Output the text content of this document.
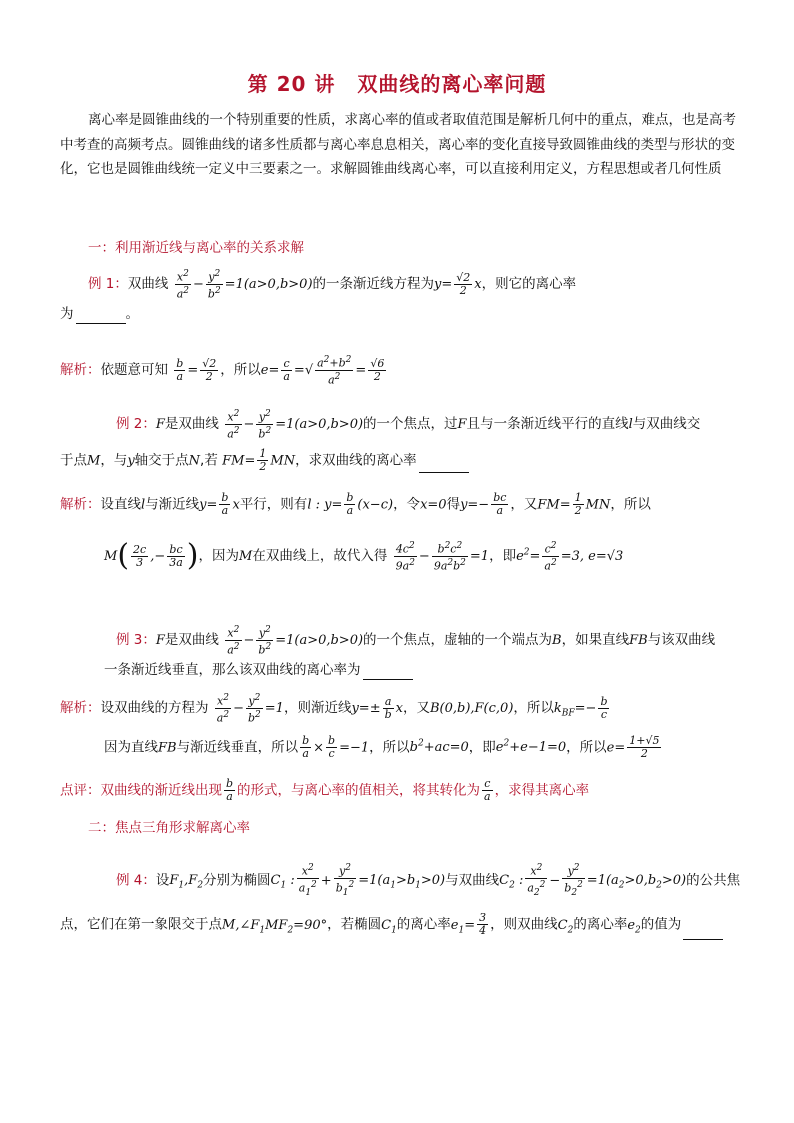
第 20 讲 双曲线的离心率问题
离心率是圆锥曲线的一个特别重要的性质，求离心率的值或者取值范围是解析几何中的重点，难点，也是高考中考查的高频考点。圆锥曲线的诸多性质都与离心率息息相关，离心率的变化直接导致圆锥曲线的类型与形状的变化，它也是圆锥曲线统一定义中三要素之一。求解圆锥曲线离心率，可以直接利用定义，方程思想或者几何性质
一：利用渐近线与离心率的关系求解
例 1：双曲线 $\frac{x^2}{a^2} - \frac{y^2}{b^2} =1(a>0,b>0)$的一条渐近线方程为$y= \frac{√2}{2}$ x，则它的离心率
为	。
解析：依题意可知 $\frac{b}{a} = \frac{√2}{2}$ ，所以$e= \frac{c}{a}$ =√ $\frac{a^2+b^2}{a^2} = \frac{√6}{2}$
例 2：F是双曲线 $\frac{x^2}{a^2} - \frac{y^2}{b^2} =1(a>0,b>0)$的一个焦点，过F且与一条渐近线平行的直线l与双曲线交
于点M，与y轴交于点N,若 $FM= \frac{1}{2}$ MN，求双曲线的离心率
解析：设直线l与渐近线$y= \frac{b}{a}$ x平行，则有l : $y= \frac{b}{a} (x-c)$，令x=0得$y=- \frac{bc}{a}$ ，又$FM= \frac{1}{2}$ MN，所以
$M( \frac{2c}{3}$ ,− $\frac{bc}{3a}$ )，因为M在双曲线上，故代入得 $\frac{4c^2}{9a^2} - \frac{b^2c^2}{9a^2b^2} =1$，即$e^2= \frac{c^2}{a^2} =3$, e=√3
例 3：F是双曲线 $\frac{x^2}{a^2} - \frac{y^2}{b^2} =1(a>0,b>0)$的一个焦点，虚轴的一个端点为B，如果直线FB与该双曲线
一条渐近线垂直，那么该双曲线的离心率为
解析：设双曲线的方程为 $\frac{x^2}{a^2} - \frac{y^2}{b^2} =1$，则渐近线$y=\pm \frac{a}{b}$ x，又B(0,b),F(c,0)，所以$k_{BF}=- \frac{b}{c}$
因为直线FB与渐近线垂直，所以 $\frac{b}{a} \times \frac{b}{c} =-1$，所以$b^2+ac=0$，即$e^2+e-1=0$，所以$e= \frac{1+√5}{2}$
点评：双曲线的渐近线出现 $\frac{b}{a}$ 的形式，与离心率的值相关，将其转化为 $\frac{c}{a}$ ，求得其离心率
二：焦点三角形求解离心率
例 4：设$F_1,F_2$分别为椭圆$C_1$ : $\frac{x^2}{a_1^2} + \frac{y^2}{b_1^2} =1(a_1>b_1>0)$与双曲线$C_2$ : $\frac{x^2}{a_2^2} - \frac{y^2}{b_2^2} =1(a_2>0,b_2>0)$的公共焦
点，它们在第一象限交于点$M,\angle F_1MF_2=90^\circ$，若椭圆$C_1$的离心率$e_1= \frac{3}{4}$ ，则双曲线$C_2$的离心率$e_2$的值为
